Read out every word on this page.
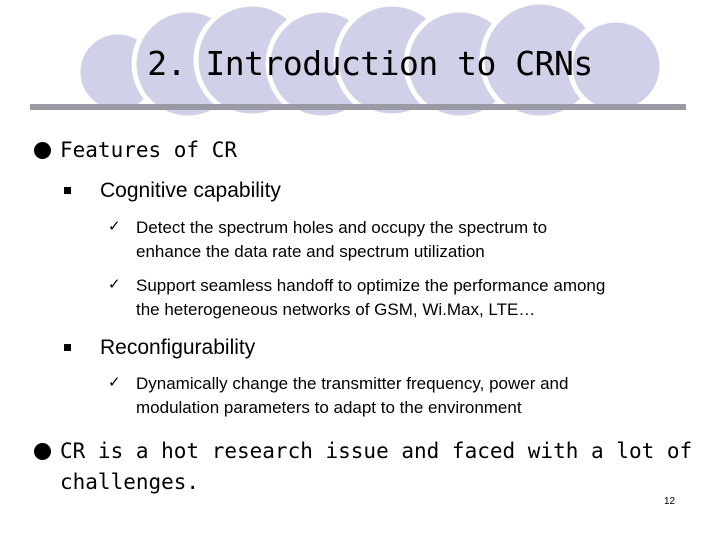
2. Introduction to CRNs
Features of CR
Cognitive capability
✓ Detect the spectrum holes and occupy the spectrum to
enhance the data rate and spectrum utilization
✓ Support seamless handoff to optimize the performance among
the heterogeneous networks of GSM, Wi.Max, LTE…
Reconfigurability
✓ Dynamically change the transmitter frequency, power and
modulation parameters to adapt to the environment
CR is a hot research issue and faced with a lot of
challenges.
12
